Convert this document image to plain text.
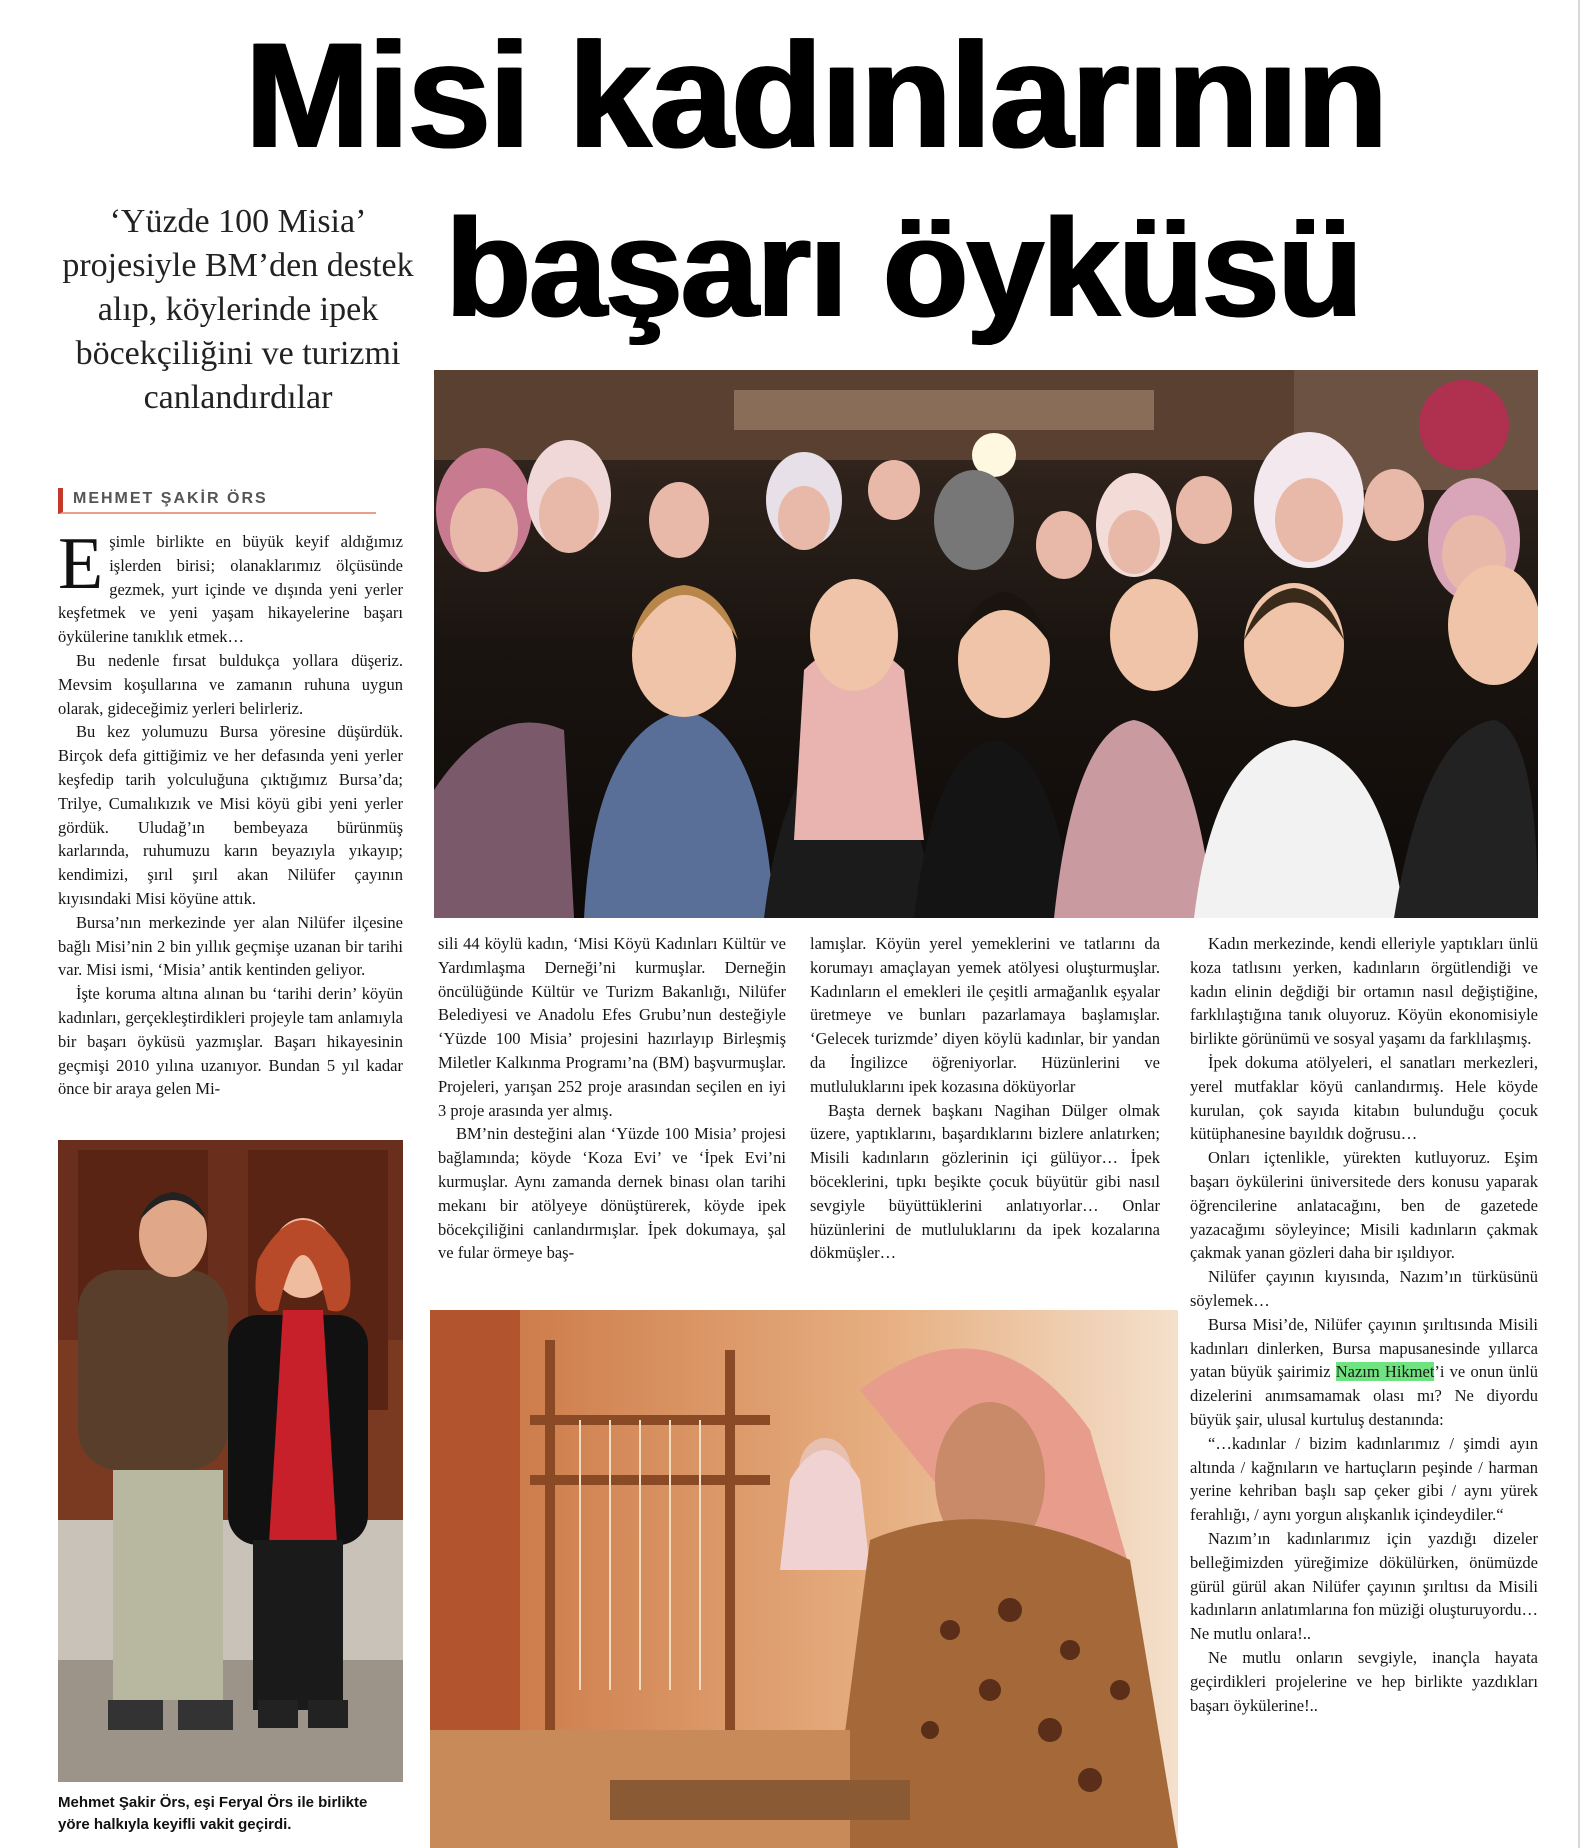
Misi kadınlarının
başarı öyküsü
‘Yüzde 100 Misia’ projesiyle BM’den destek alıp, köylerinde ipek böcekçiliğini ve turizmi canlandırdılar
MEHMET ŞAKİR ÖRS
Mehmet Şakir Örs, eşi Feryal Örs ile birlikte yöre halkıyla keyifli vakit geçirdi.

Eşimle birlikte en büyük keyif aldığımız işlerden birisi; olanaklarımız ölçüsünde gezmek, yurt içinde ve dışında yeni yerler keşfetmek ve yeni yaşam hikayelerine başarı öykülerine tanıklık etmek…

Bu nedenle fırsat buldukça yollara düşeriz. Mevsim koşullarına ve zamanın ruhuna uygun olarak, gideceğimiz yerleri belirleriz.

Bu kez yolumuzu Bursa yöresine düşürdük. Birçok defa gittiğimiz ve her defasında yeni yerler keşfedip tarih yolculuğuna çıktığımız Bursa’da; Trilye, Cumalıkızık ve Misi köyü gibi yeni yerler gördük. Uludağ’ın bembeyaza bürünmüş karlarında, ruhumuzu karın beyazıyla yıkayıp; kendimizi, şırıl şırıl akan Nilüfer çayının kıyısındaki Misi köyüne attık.

Bursa’nın merkezinde yer alan Nilüfer ilçesine bağlı Misi’nin 2 bin yıllık geçmişe uzanan bir tarihi var. Misi ismi, ‘Misia’ antik kentinden geliyor.

İşte koruma altına alınan bu ‘tarihi derin’ köyün kadınları, gerçekleştirdikleri projeyle tam anlamıyla bir başarı öyküsü yazmışlar. Başarı hikayesinin geçmişi 2010 yılına uzanıyor. Bundan 5 yıl kadar önce bir araya gelen Mi-

sili 44 köylü kadın, ‘Misi Köyü Kadınları Kültür ve Yardımlaşma Derneği’ni kurmuşlar. Derneğin öncülüğünde Kültür ve Turizm Bakanlığı, Nilüfer Belediyesi ve Anadolu Efes Grubu’nun desteğiyle ‘Yüzde 100 Misia’ projesini hazırlayıp Birleşmiş Miletler Kalkınma Programı’na (BM) başvurmuşlar. Projeleri, yarışan 252 proje arasından seçilen en iyi 3 proje arasında yer almış.

BM’nin desteğini alan ‘Yüzde 100 Misia’ projesi bağlamında; köyde ‘Koza Evi’ ve ‘İpek Evi’ni kurmuşlar. Aynı zamanda dernek binası olan tarihi mekanı bir atölyeye dönüştürerek, köyde ipek böcekçiliğini canlandırmışlar. İpek dokumaya, şal ve fular örmeye baş-

lamışlar. Köyün yerel yemeklerini ve tatlarını da korumayı amaçlayan yemek atölyesi oluşturmuşlar. Kadınların el emekleri ile çeşitli armağanlık eşyalar üretmeye ve bunları pazarlamaya başlamışlar. ‘Gelecek turizmde’ diyen köylü kadınlar, bir yandan da İngilizce öğreniyorlar. Hüzünlerini ve mutluluklarını ipek kozasına döküyorlar

Başta dernek başkanı Nagihan Dülger olmak üzere, yaptıklarını, başardıklarını bizlere anlatırken; Misili kadınların gözlerinin içi gülüyor… İpek böceklerini, tıpkı beşikte çocuk büyütür gibi nasıl sevgiyle büyüttüklerini anlatıyorlar… Onlar hüzünlerini de mutluluklarını da ipek kozalarına dökmüşler…

Kadın merkezinde, kendi elleriyle yaptıkları ünlü koza tatlısını yerken, kadınların örgütlendiği ve kadın elinin değdiği bir ortamın nasıl değiştiğine, farklılaştığına tanık oluyoruz. Köyün ekonomisiyle birlikte görünümü ve sosyal yaşamı da farklılaşmış.

İpek dokuma atölyeleri, el sanatları merkezleri, yerel mutfaklar köyü canlandırmış. Hele köyde kurulan, çok sayıda kitabın bulunduğu çocuk kütüphanesine bayıldık doğrusu…

Onları içtenlikle, yürekten kutluyoruz. Eşim başarı öykülerini üniversitede ders konusu yaparak öğrencilerine anlatacağını, ben de gazetede yazacağımı söyleyince; Misili kadınların çakmak çakmak yanan gözleri daha bir ışıldıyor.

Nilüfer çayının kıyısında, Nazım’ın türküsünü söylemek…

Bursa Misi’de, Nilüfer çayının şırıltısında Misili kadınları dinlerken, Bursa mapusanesinde yıllarca yatan büyük şairimiz Nazım Hikmet’i ve onun ünlü dizelerini anımsamamak olası mı? Ne diyordu büyük şair, ulusal kurtuluş destanında:

“…kadınlar / bizim kadınlarımız / şimdi ayın altında / kağnıların ve hartuçların peşinde / harman yerine kehriban başlı sap çeker gibi / aynı yürek ferahlığı, / aynı yorgun alışkanlık içindeydiler.“

Nazım’ın kadınlarımız için yazdığı dizeler belleğimizden yüreğimize dökülürken, önümüzde gürül gürül akan Nilüfer çayının şırıltısı da Misili kadınların anlatımlarına fon müziği oluşturuyordu… Ne mutlu onlara!..

Ne mutlu onların sevgiyle, inançla hayata geçirdikleri projelerine ve hep birlikte yazdıkları başarı öykülerine!..
